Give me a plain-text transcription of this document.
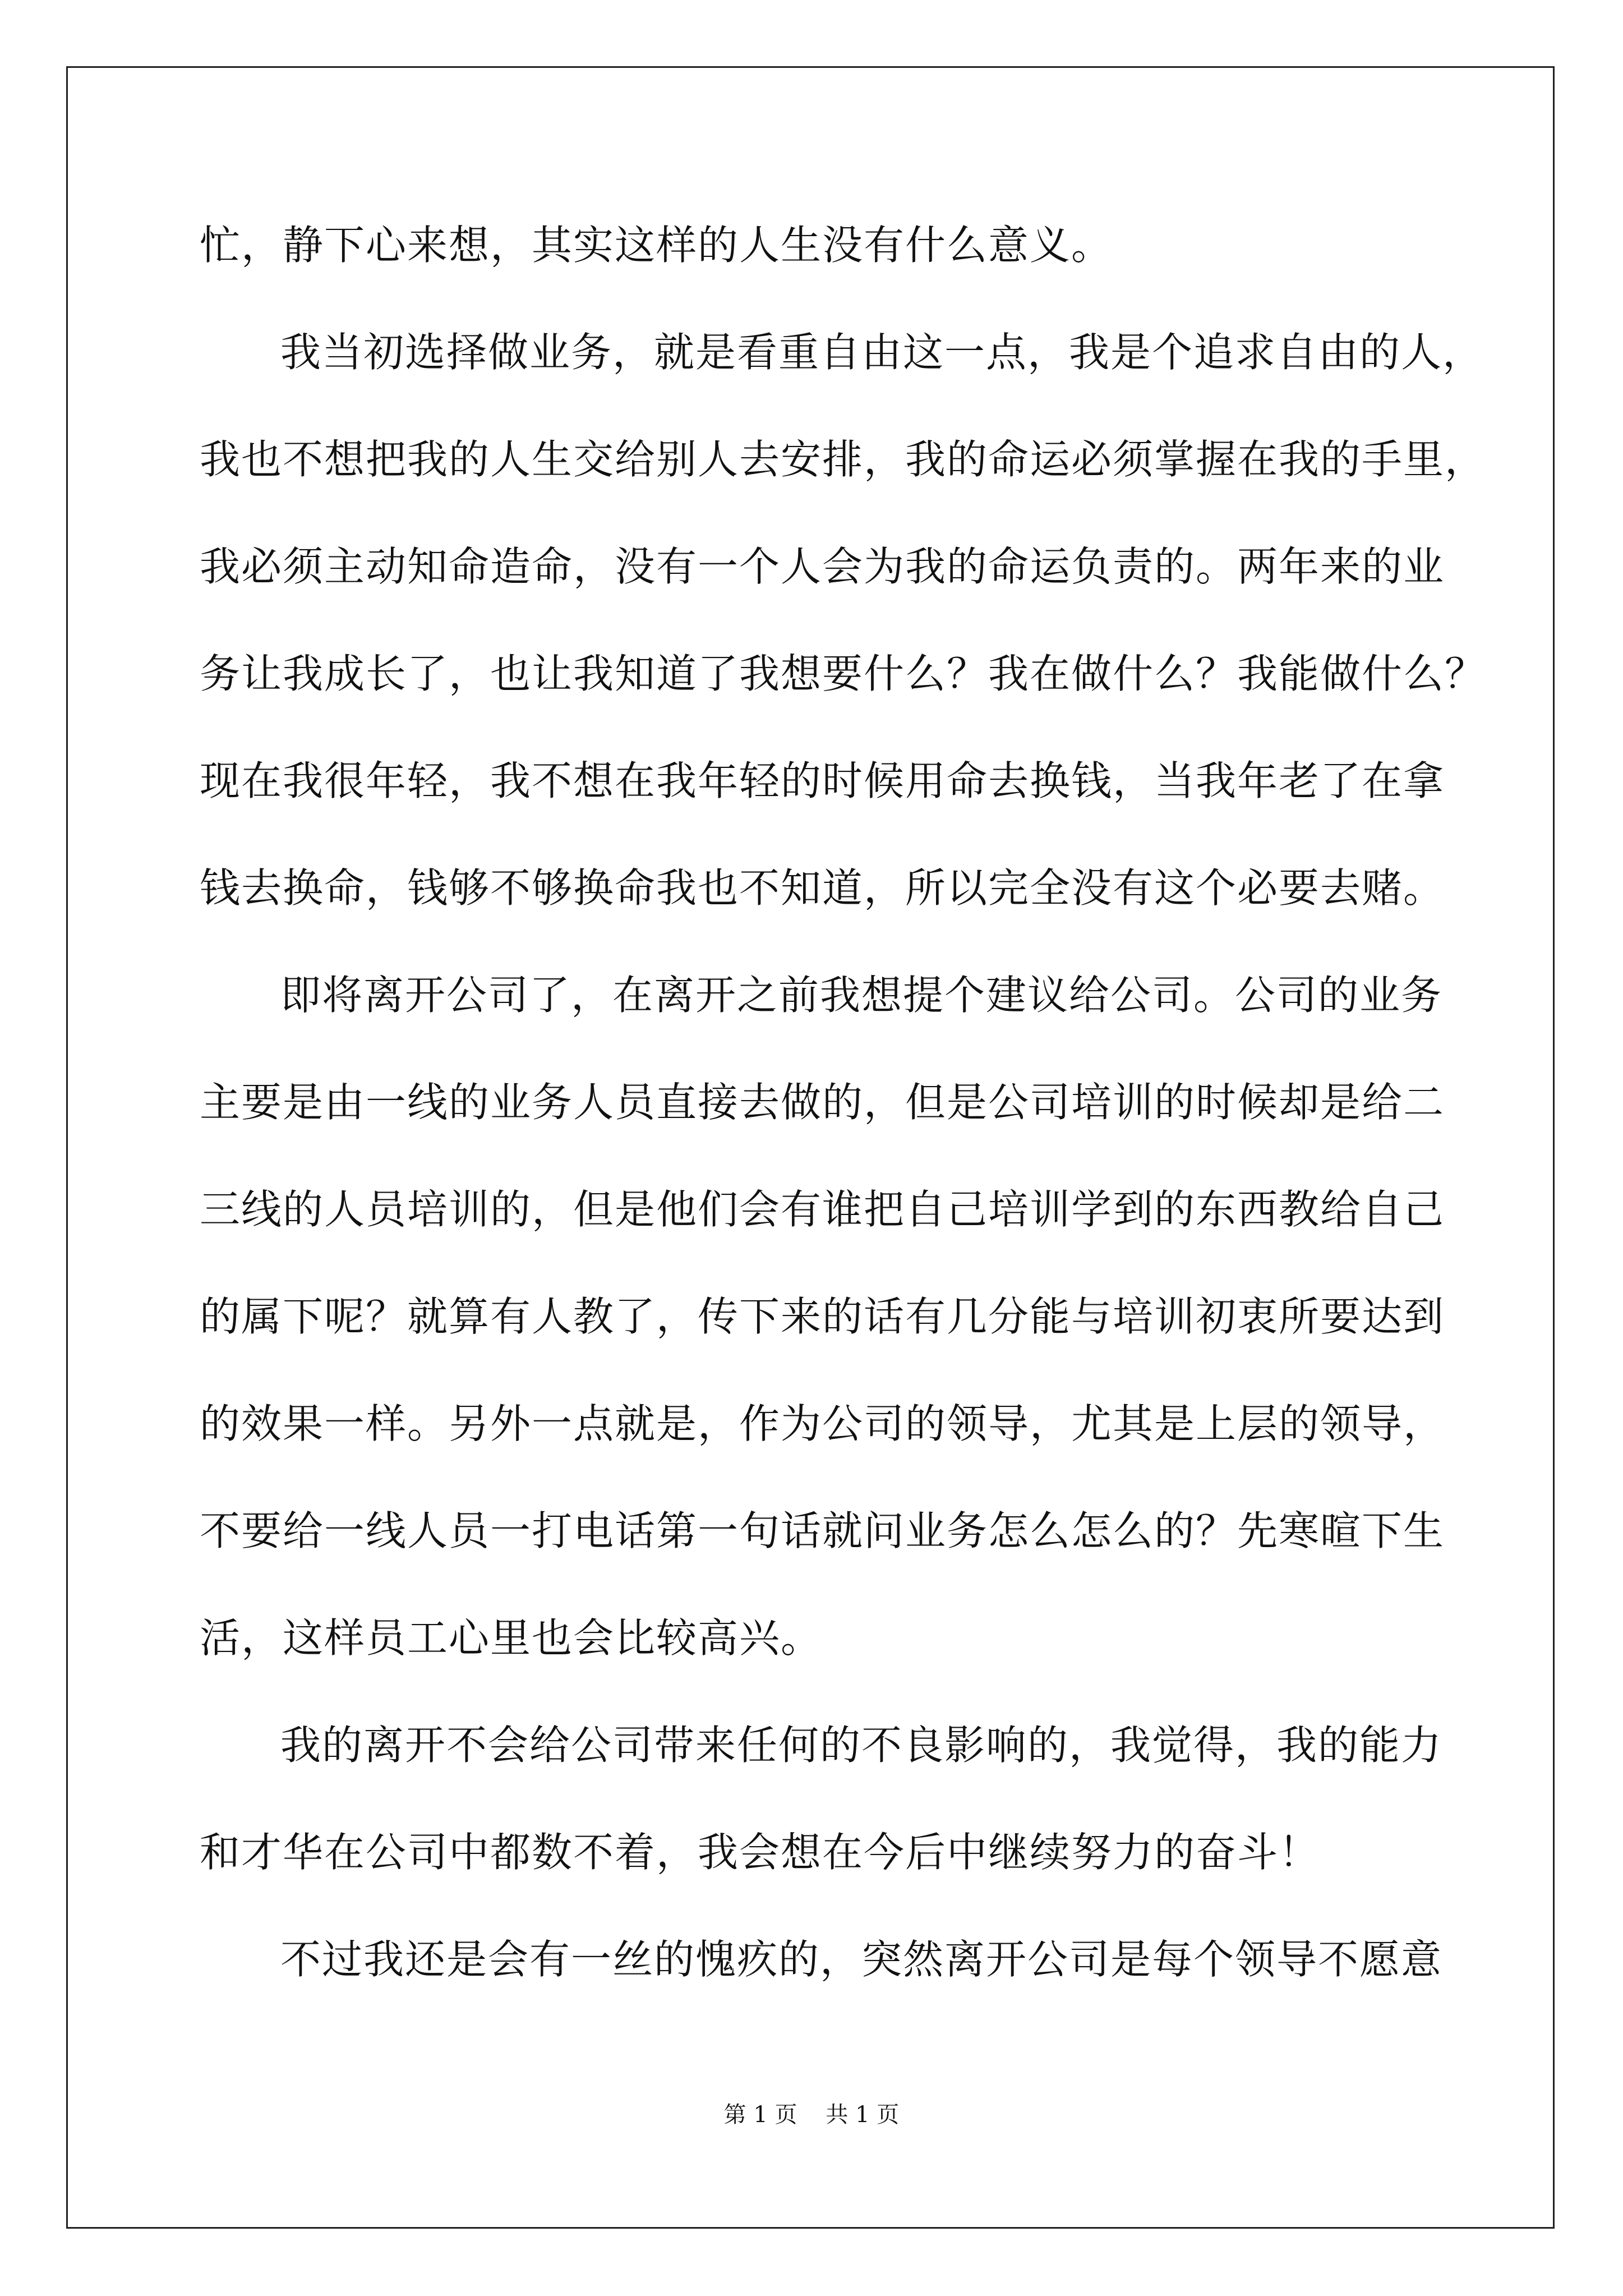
忙，静下心来想，其实这样的人生没有什么意义。
我当初选择做业务，就是看重自由这一点，我是个追求自由的人，
我也不想把我的人生交给别人去安排，我的命运必须掌握在我的手里，
我必须主动知命造命，没有一个人会为我的命运负责的。两年来的业
务让我成长了，也让我知道了我想要什么？我在做什么？我能做什么？
现在我很年轻，我不想在我年轻的时候用命去换钱，当我年老了在拿
钱去换命，钱够不够换命我也不知道，所以完全没有这个必要去赌。
即将离开公司了，在离开之前我想提个建议给公司。公司的业务
主要是由一线的业务人员直接去做的，但是公司培训的时候却是给二
三线的人员培训的，但是他们会有谁把自己培训学到的东西教给自己
的属下呢？就算有人教了，传下来的话有几分能与培训初衷所要达到
的效果一样。另外一点就是，作为公司的领导，尤其是上层的领导，
不要给一线人员一打电话第一句话就问业务怎么怎么的？先寒暄下生
活，这样员工心里也会比较高兴。
我的离开不会给公司带来任何的不良影响的，我觉得，我的能力
和才华在公司中都数不着，我会想在今后中继续努力的奋斗！
不过我还是会有一丝的愧疚的，突然离开公司是每个领导不愿意
第 1 页 共 1 页
